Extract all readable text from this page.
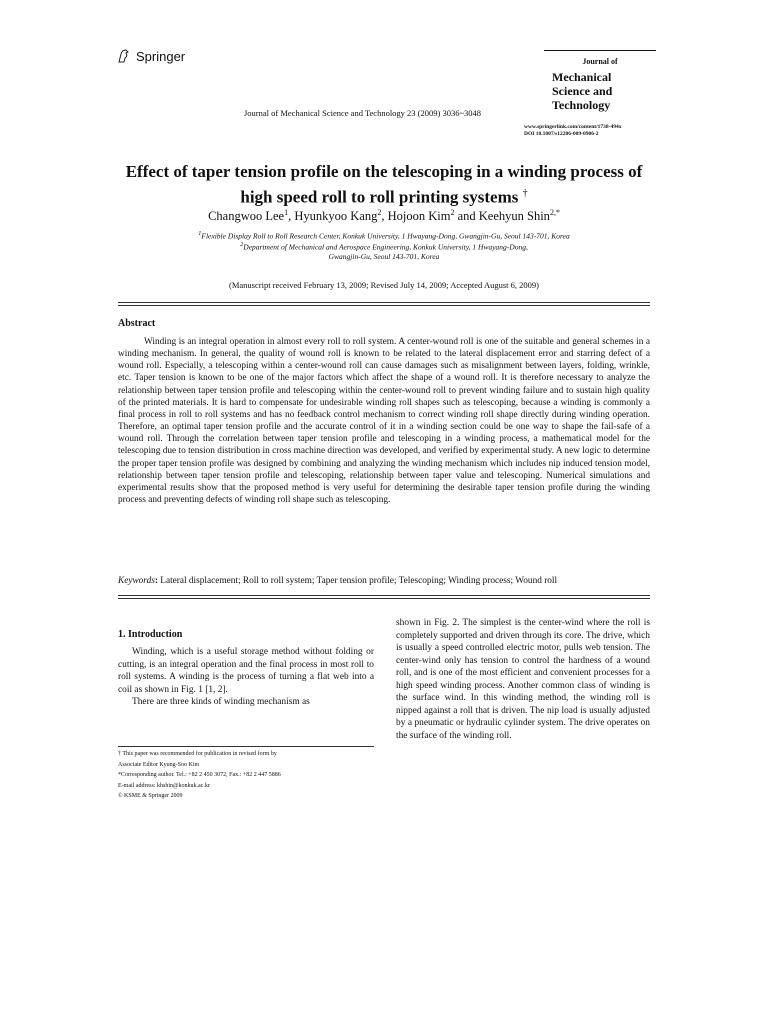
Springer
Journal of Mechanical Science and Technology 23 (2009) 3036~3048
Journal of
Mechanical
Science and
Technology
www.springerlink.com/content/1738-494x
DOI 10.1007/s12206-009-0906-2
Effect of taper tension profile on the telescoping in a winding process of
high speed roll to roll printing systems †
Changwoo Lee$^1$, Hyunkyoo Kang$^2$, Hojoon Kim$^2$ and Keehyun Shin$^{2,*}$
$^1$Flexible Display Roll to Roll Research Center, Konkuk University, 1 Hwayang-Dong, Gwangjin-Gu, Seoul 143-701, Korea
$^2$Department of Mechanical and Aerospace Engineering, Konkuk University, 1 Hwayang-Dong,
Gwangjin-Gu, Seoul 143-701, Korea
(Manuscript received February 13, 2009; Revised July 14, 2009; Accepted August 6, 2009)
Abstract

Winding is an integral operation in almost every roll to roll system. A center-wound roll is one of the suitable and general schemes in a winding mechanism. In general, the quality of wound roll is known to be related to the lateral displacement error and starring defect of a wound roll. Especially, a telescoping within a center-wound roll can cause damages such as misalignment between layers, folding, wrinkle, etc. Taper tension is known to be one of the major factors which affect the shape of a wound roll. It is therefore necessary to analyze the relationship between taper tension profile and telescoping within the center-wound roll to prevent winding failure and to sustain high quality of the printed materials. It is hard to compensate for undesirable winding roll shapes such as telescoping, because a winding is commonly a final process in roll to roll systems and has no feedback control mechanism to correct winding roll shape directly during winding operation. Therefore, an optimal taper tension profile and the accurate control of it in a winding section could be one way to shape the fail-safe of a wound roll. Through the correlation between taper tension profile and telescoping in a winding process, a mathematical model for the telescoping due to tension distribution in cross machine direction was developed, and verified by experimental study. A new logic to determine the proper taper tension profile was designed by combining and analyzing the winding mechanism which includes nip induced tension model, relationship between taper tension profile and telescoping, relationship between taper value and telescoping. Numerical simulations and experimental results show that the proposed method is very useful for determining the desirable taper tension profile during the winding process and preventing defects of winding roll shape such as telescoping.

Keywords: Lateral displacement; Roll to roll system; Taper tension profile; Telescoping; Winding process; Wound roll
1. Introduction

Winding, which is a useful storage method without folding or cutting, is an integral operation and the final process in most roll to roll systems. A winding is the process of turning a flat web into a coil as shown in Fig. 1 [1, 2].

There are three kinds of winding mechanism as

† This paper was recommended for publication in revised form by
Associate Editor Kyung-Soo Kim
*Corresponding author. Tel.: +82 2 450 3072, Fax.: +82 2 447 5886
E-mail address: khshin@konkuk.ac.kr
© KSME & Springer 2009

shown in Fig. 2. The simplest is the center-wind where the roll is completely supported and driven through its core. The drive, which is usually a speed controlled electric motor, pulls web tension. The center-wind only has tension to control the hardness of a wound roll, and is one of the most efficient and convenient processes for a high speed winding process. Another common class of winding is the surface wind. In this winding method, the winding roll is nipped against a roll that is driven. The nip load is usually adjusted by a pneumatic or hydraulic cylinder system. The drive operates on the surface of the winding roll.
